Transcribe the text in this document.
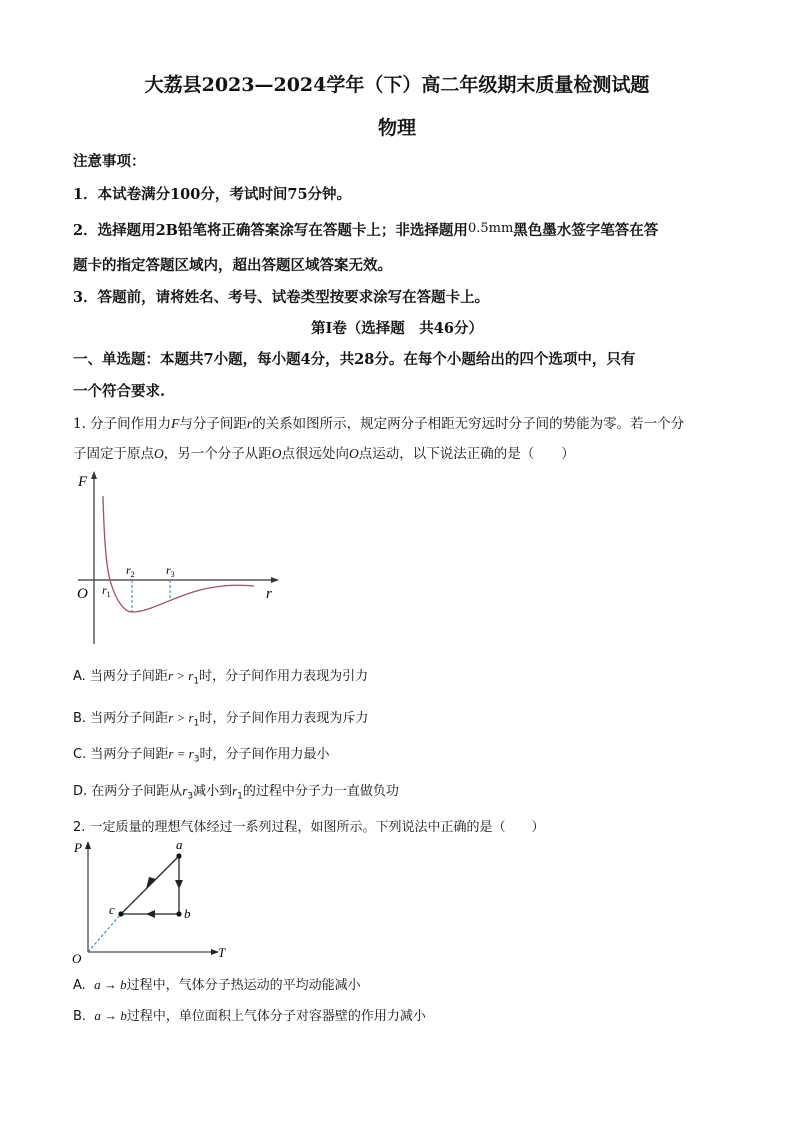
大荔县2023—2024学年（下）高二年级期末质量检测试题
物理
注意事项：
1．本试卷满分100分，考试时间75分钟。
2．选择题用2B铅笔将正确答案涂写在答题卡上；非选择题用0.5mm黑色墨水签字笔答在答
题卡的指定答题区域内，超出答题区域答案无效。
3．答题前，请将姓名、考号、试卷类型按要求涂写在答题卡上。
第Ⅰ卷（选择题　共46分）
一、单选题：本题共7小题，每小题4分，共28分。在每个小题给出的四个选项中，只有
一个符合要求.
1. 分子间作用力F与分子间距r的关系如图所示，规定两分子相距无穷远时分子间的势能为零。若一个分
子固定于原点O，另一个分子从距O点很远处向O点运动，以下说法正确的是（　　）
F
r
O $r_1$
$r_2$	$r_3$
A. 当两分子间距$r > r_1$时，分子间作用力表现为引力
B. 当两分子间距$r > r_1$时，分子间作用力表现为斥力
C. 当两分子间距$r = r_3$时，分子间作用力最小
D. 在两分子间距从$r_3$减小到$r_1$的过程中分子力一直做负功
2. 一定质量的理想气体经过一系列过程，如图所示。下列说法中正确的是（　　）
P
T
O
a
b
c
A. a → b过程中，气体分子热运动的平均动能减小
B. a → b过程中，单位面积上气体分子对容器壁的作用力减小
